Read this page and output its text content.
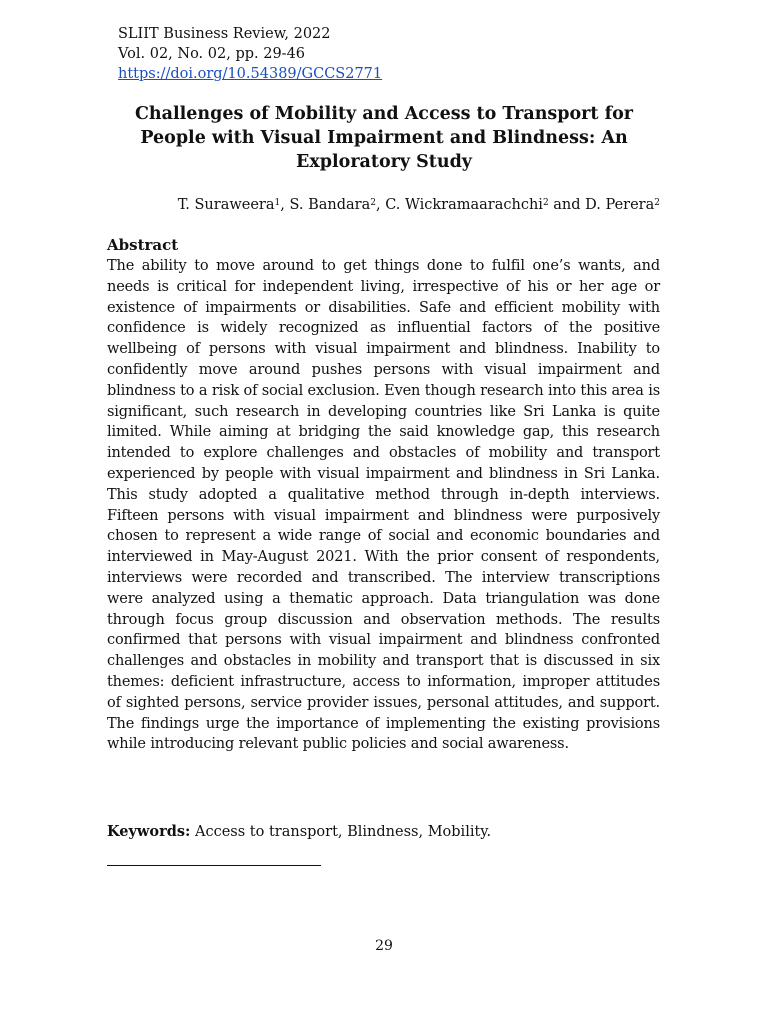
SLIIT Business Review, 2022
Vol. 02, No. 02, pp. 29-46
https://doi.org/10.54389/GCCS2771
Challenges of Mobility and Access to Transport for People with Visual Impairment and Blindness: An Exploratory Study
T. Suraweera$^1$, S. Bandara$^2$, C. Wickramaarachchi$^2$ and D. Perera$^2$
Abstract
The ability to move around to get things done to fulfil one’s wants, and needs is critical for independent living, irrespective of his or her age or existence of impairments or disabilities. Safe and efficient mobility with confidence is widely recognized as influential factors of the positive wellbeing of persons with visual impairment and blindness. Inability to confidently move around pushes persons with visual impairment and blindness to a risk of social exclusion. Even though research into this area is significant, such research in developing countries like Sri Lanka is quite limited. While aiming at bridging the said knowledge gap, this research intended to explore challenges and obstacles of mobility and transport experienced by people with visual impairment and blindness in Sri Lanka. This study adopted a qualitative method through in-depth interviews. Fifteen persons with visual impairment and blindness were purposively chosen to represent a wide range of social and economic boundaries and interviewed in May-August 2021. With the prior consent of respondents, interviews were recorded and transcribed. The interview transcriptions were analyzed using a thematic approach. Data triangulation was done through focus group discussion and observation methods. The results confirmed that persons with visual impairment and blindness confronted challenges and obstacles in mobility and transport that is discussed in six themes: deficient infrastructure, access to information, improper attitudes of sighted persons, service provider issues, personal attitudes, and support. The findings urge the importance of implementing the existing provisions while introducing relevant public policies and social awareness.
Keywords: Access to transport, Blindness, Mobility.
29
